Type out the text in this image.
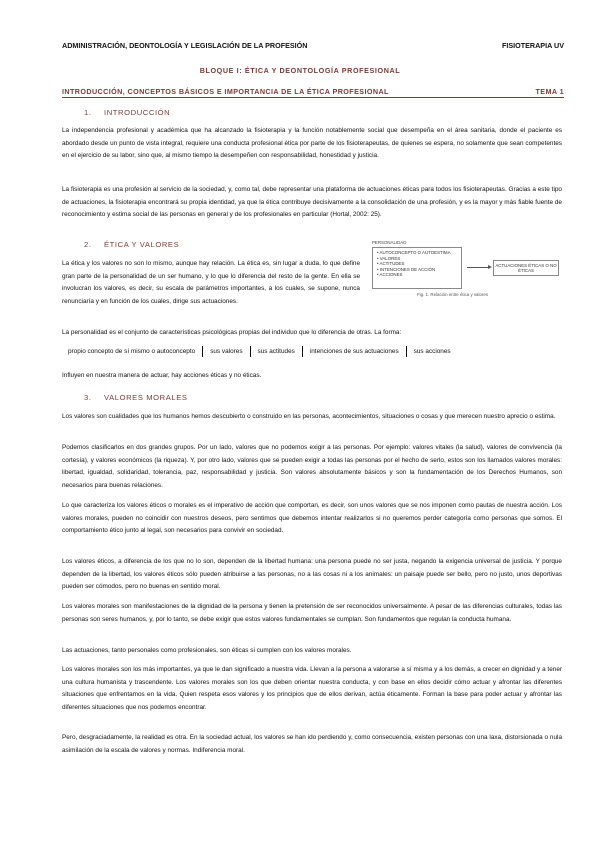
ADMINISTRACIÓN, DEONTOLOGÍA Y LEGISLACIÓN DE LA PROFESIÓN	FISIOTERAPIA UV
BLOQUE I: ÉTICA Y DEONTOLOGÍA PROFESIONAL
INTRODUCCIÓN, CONCEPTOS BÁSICOS E IMPORTANCIA DE LA ÉTICA PROFESIONAL	TEMA 1
1. INTRODUCCIÓN
La independencia profesional y académica que ha alcanzado la fisioterapia y la función notablemente social que desempeña en el área sanitaria, donde el paciente es abordado desde un punto de vista integral, requiere una conducta profesional ética por parte de los fisioterapeutas, de quienes se espera, no solamente que sean competentes en el ejercicio de su labor, sino que, al mismo tiempo la desempeñen con responsabilidad, honestidad y justicia.
La fisioterapia es una profesión al servicio de la sociedad, y, como tal, debe representar una plataforma de actuaciones éticas para todos los fisioterapeutas. Gracias a este tipo de actuaciones, la fisioterapia encontrará su propia identidad, ya que la ética contribuye decisivamente a la consolidación de una profesión, y es la mayor y más fiable fuente de reconocimiento y estima social de las personas en general y de los profesionales en particular (Hortal, 2002: 25).
2. ÉTICA Y VALORES
La ética y los valores no son lo mismo, aunque hay relación. La ética es, sin lugar a duda, lo que define gran parte de la personalidad de un ser humano, y lo que lo diferencia del resto de la gente. En ella se involucran los valores, es decir, su escala de parámetros importantes, a los cuales, se supone, nunca renunciaría y en función de los cuales, dirige sus actuaciones.
PERSONALIDAD
• AUTOCONCEPTO O AUTOESTIMA
• VALORES
• ACTITUDES
• INTENCIONES DE ACCIÓN
• ACCIONES
ACTUACIONES ÉTICAS O NO ÉTICAS
Fig. 1. Relación entre ética y valores
La personalidad es el conjunto de características psicológicas propias del individuo que lo diferencia de otras. La forma:
propio concepto de sí mismo o autoconcepto	sus valores	sus actitudes	intenciones de sus actuaciones	sus acciones
Influyen en nuestra manera de actuar, hay acciones éticas y no éticas.
3. VALORES MORALES
Los valores son cualidades que los humanos hemos descubierto o construido en las personas, acontecimientos, situaciones o cosas y que merecen nuestro aprecio o estima.
Podemos clasificarlos en dos grandes grupos. Por un lado, valores que no podemos exigir a las personas. Por ejemplo: valores vitales (la salud), valores de convivencia (la cortesía), y valores económicos (la riqueza). Y, por otro lado, valores que se pueden exigir a todas las personas por el hecho de serlo, estos son los llamados valores morales: libertad, igualdad, solidaridad, tolerancia, paz, responsabilidad y justicia. Son valores absolutamente básicos y son la fundamentación de los Derechos Humanos, son necesarios para buenas relaciones.
Lo que caracteriza los valores éticos o morales es el imperativo de acción que comportan, es decir, son unos valores que se nos imponen como pautas de nuestra acción. Los valores morales, pueden no coincidir con nuestros deseos, pero sentimos que debemos intentar realizarlos si no queremos perder categoría como personas que somos. El comportamiento ético junto al legal, son necesarios para convivir en sociedad.
Los valores éticos, a diferencia de los que no lo son, dependen de la libertad humana: una persona puede no ser justa, negando la exigencia universal de justicia. Y porque dependen de la libertad, los valores éticos sólo pueden atribuirse a las personas, no a las cosas ni a los animales: un paisaje puede ser bello, pero no justo, unos deportivas pueden ser cómodos, pero no buenas en sentido moral.
Los valores morales son manifestaciones de la dignidad de la persona y tienen la pretensión de ser reconocidos universalmente. A pesar de las diferencias culturales, todas las personas son seres humanos, y, por lo tanto, se debe exigir que estos valores fundamentales se cumplan. Son fundamentos que regulan la conducta humana.
Las actuaciones, tanto personales como profesionales, son éticas si cumplen con los valores morales.
Los valores morales son los más importantes, ya que le dan significado a nuestra vida. Llevan a la persona a valorarse a sí misma y a los demás, a crecer en dignidad y a tener una cultura humanista y trascendente. Los valores morales son los que deben orientar nuestra conducta, y con base en ellos decidir cómo actuar y afrontar las diferentes situaciones que enfrentamos en la vida. Quien respeta esos valores y los principios que de ellos derivan, actúa éticamente. Forman la base para poder actuar y afrontar las diferentes situaciones que nos podemos encontrar.
Pero, desgraciadamente, la realidad es otra. En la sociedad actual, los valores se han ido perdiendo y, como consecuencia, existen personas con una laxa, distorsionada o nula asimilación de la escala de valores y normas. Indiferencia moral.
